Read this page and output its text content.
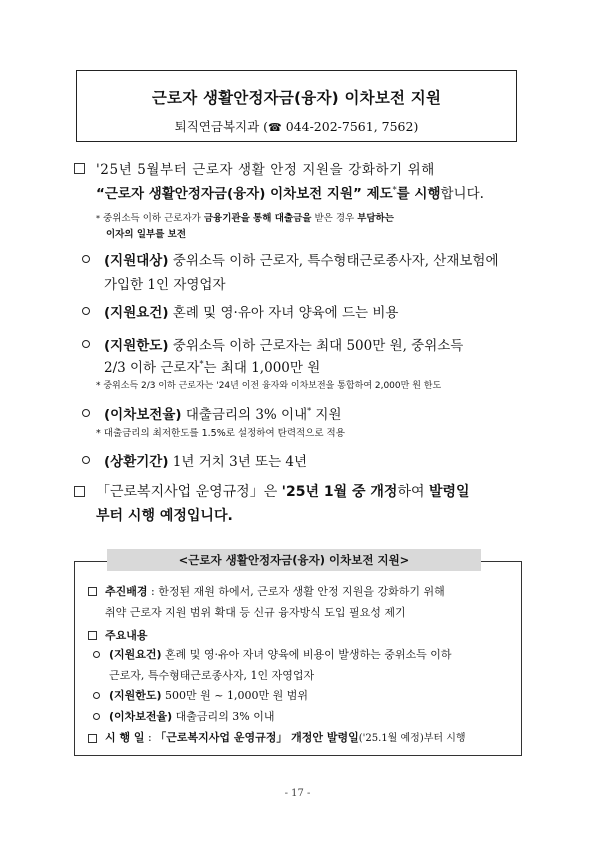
근로자 생활안정자금(융자) 이차보전 지원
퇴직연금복지과 (☎ 044-202-7561, 7562)
'25년 5월부터 근로자 생활 안정 지원을 강화하기 위해
“근로자 생활안정자금(융자) 이차보전 지원” 제도*를 시행합니다.
* 중위소득 이하 근로자가 금융기관을 통해 대출금을 받은 경우 부담하는
이자의 일부를 보전
(지원대상) 중위소득 이하 근로자, 특수형태근로종사자, 산재보험에
가입한 1인 자영업자
(지원요건) 혼례 및 영·유아 자녀 양육에 드는 비용
(지원한도) 중위소득 이하 근로자는 최대 500만 원, 중위소득
2/3 이하 근로자*는 최대 1,000만 원
* 중위소득 2/3 이하 근로자는 '24년 이전 융자와 이차보전을 통합하여 2,000만 원 한도
(이차보전율) 대출금리의 3% 이내* 지원
* 대출금리의 최저한도를 1.5%로 설정하여 탄력적으로 적용
(상환기간) 1년 거치 3년 또는 4년
「근로복지사업 운영규정」은 '25년 1월 중 개정하여 발령일
부터 시행 예정입니다.
<근로자 생활안정자금(융자) 이차보전 지원>
추진배경 : 한정된 재원 하에서, 근로자 생활 안정 지원을 강화하기 위해
취약 근로자 지원 범위 확대 등 신규 융자방식 도입 필요성 제기
주요내용
(지원요건) 혼례 및 영·유아 자녀 양육에 비용이 발생하는 중위소득 이하
근로자, 특수형태근로종사자, 1인 자영업자
(지원한도) 500만 원 ~ 1,000만 원 범위
(이차보전율) 대출금리의 3% 이내
시 행 일 : 「근로복지사업 운영규정」 개정안 발령일('25.1월 예정)부터 시행
- 17 -
